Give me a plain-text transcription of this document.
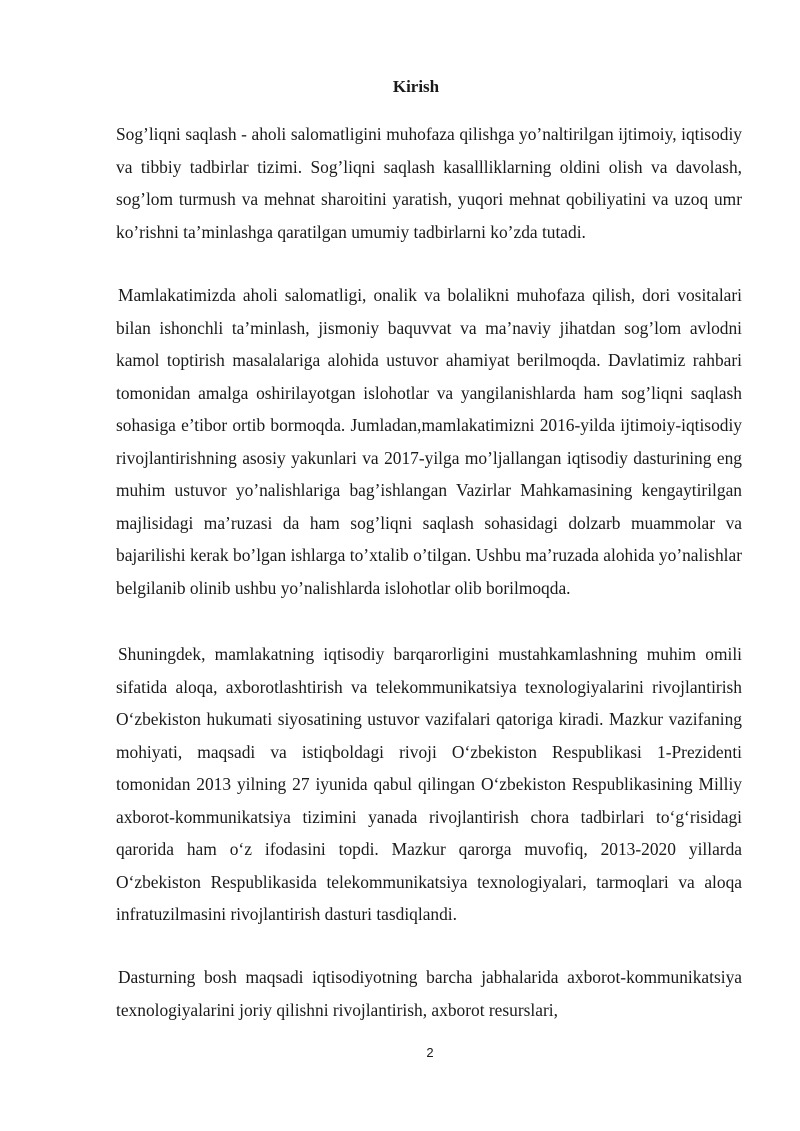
Kirish

Sog’liqni saqlash - aholi salomatligini muhofaza qilishga yo’naltirilgan ijtimoiy, iqtisodiy va tibbiy tadbirlar tizimi. Sog’liqni saqlash kasallliklarning oldini olish va davolash, sog’lom turmush va mehnat sharoitini yaratish, yuqori mehnat qobiliyatini va uzoq umr ko’rishni ta’minlashga qaratilgan umumiy tadbirlarni ko’zda tutadi.

Mamlakatimizda aholi salomatligi, onalik va bolalikni muhofaza qilish, dori vositalari bilan ishonchli ta’minlash, jismoniy baquvvat va ma’naviy jihatdan sog’lom avlodni kamol toptirish masalalariga alohida ustuvor ahamiyat berilmoqda. Davlatimiz rahbari tomonidan amalga oshirilayotgan islohotlar va yangilanishlarda ham sog’liqni saqlash sohasiga e’tibor ortib bormoqda. Jumladan,mamlakatimizni 2016-yilda ijtimoiy-iqtisodiy rivojlantirishning asosiy yakunlari va 2017-yilga mo’ljallangan iqtisodiy dasturining eng muhim ustuvor yo’nalishlariga bag’ishlangan Vazirlar Mahkamasining kengaytirilgan majlisidagi ma’ruzasi da ham sog’liqni saqlash sohasidagi dolzarb muammolar va bajarilishi kerak bo’lgan ishlarga to’xtalib o’tilgan. Ushbu ma’ruzada alohida yo’nalishlar belgilanib olinib ushbu yo’nalishlarda islohotlar olib borilmoqda.

Shuningdek, mamlakatning iqtisodiy barqarorligini mustahkamlashning muhim omili sifatida aloqa, axborotlashtirish va telekommunikatsiya texnologiyalarini rivojlantirish O‘zbekiston hukumati siyosatining ustuvor vazifalari qatoriga kiradi. Mazkur vazifaning mohiyati, maqsadi va istiqboldagi rivoji O‘zbekiston Respublikasi 1-Prezidenti tomonidan 2013 yilning 27 iyunida qabul qilingan O‘zbekiston Respublikasining Milliy axborot-kommunikatsiya tizimini yanada rivojlantirish chora tadbirlari to‘g‘risidagi qarorida ham o‘z ifodasini topdi. Mazkur qarorga muvofiq, 2013-2020 yillarda O‘zbekiston Respublikasida telekommunikatsiya texnologiyalari, tarmoqlari va aloqa infratuzilmasini rivojlantirish dasturi tasdiqlandi.

Dasturning bosh maqsadi iqtisodiyotning barcha jabhalarida axborot-kommunikatsiya texnologiyalarini joriy qilishni rivojlantirish, axborot resurslari,

2
